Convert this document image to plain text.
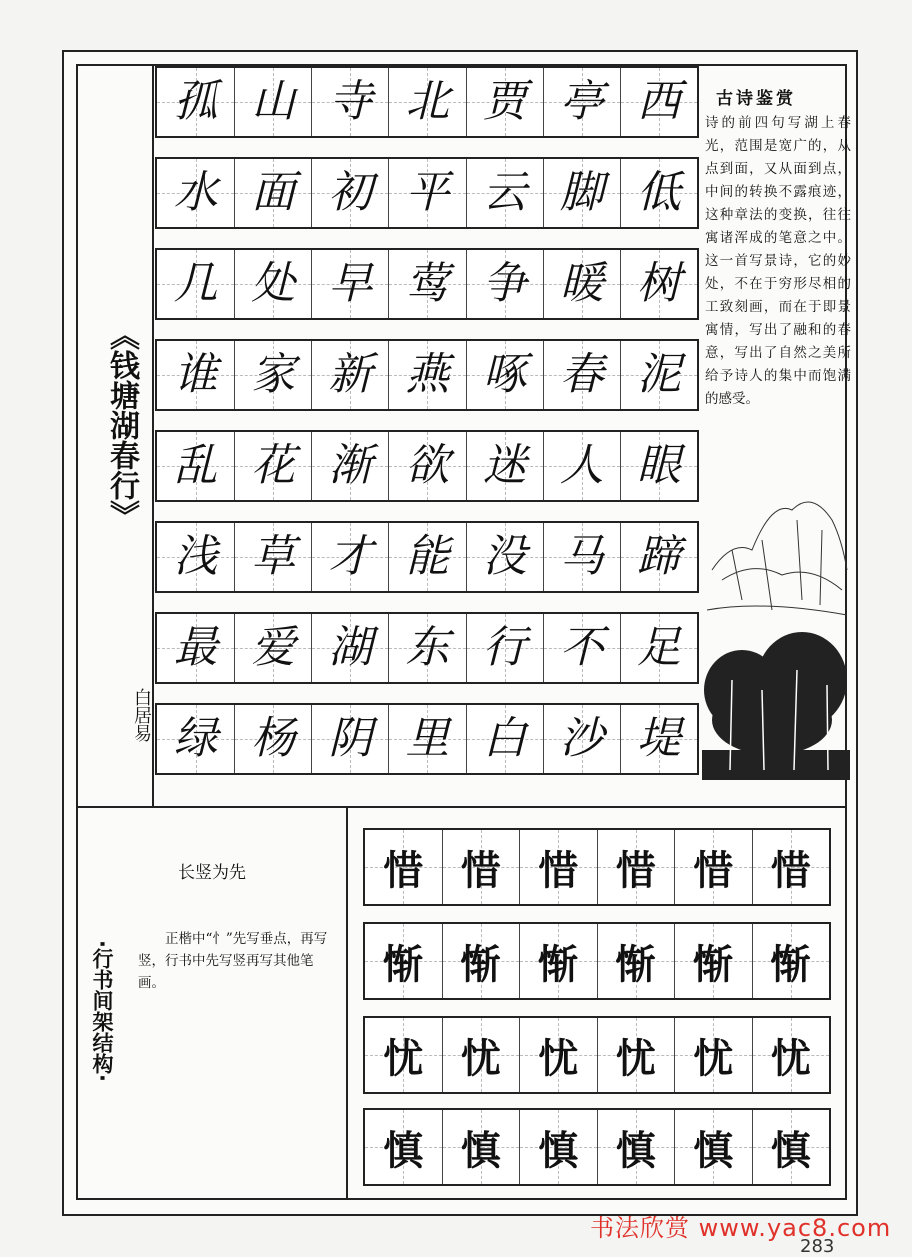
《钱塘湖春行》
白居易
孤 山 寺 北 贾 亭 西
水 面 初 平 云 脚 低
几 处 早 莺 争 暖 树
谁 家 新 燕 啄 春 泥
乱 花 渐 欲 迷 人 眼
浅 草 才 能 没 马 蹄
最 爱 湖 东 行 不 足
绿 杨 阴 里 白 沙 堤
古诗鉴赏
诗的前四句写湖上春光，范围是宽广的，从点到面，又从面到点，中间的转换不露痕迹，这种章法的变换，往往寓诸浑成的笔意之中。这一首写景诗，它的妙处，不在于穷形尽相的工致刻画，而在于即景寓情，写出了融和的春意，写出了自然之美所给予诗人的集中而饱满的感受。
·行书间架结构·
长竖为先
正楷中“忄”先写垂点，再写竖，行书中先写竖再写其他笔画。
惜 惜 惜 惜 惜 惜
惭 惭 惭 惭 惭 惭
忧 忧 忧 忧 忧 忧
慎 慎 慎 慎 慎 慎
书法欣赏 www.yac8.com
283
